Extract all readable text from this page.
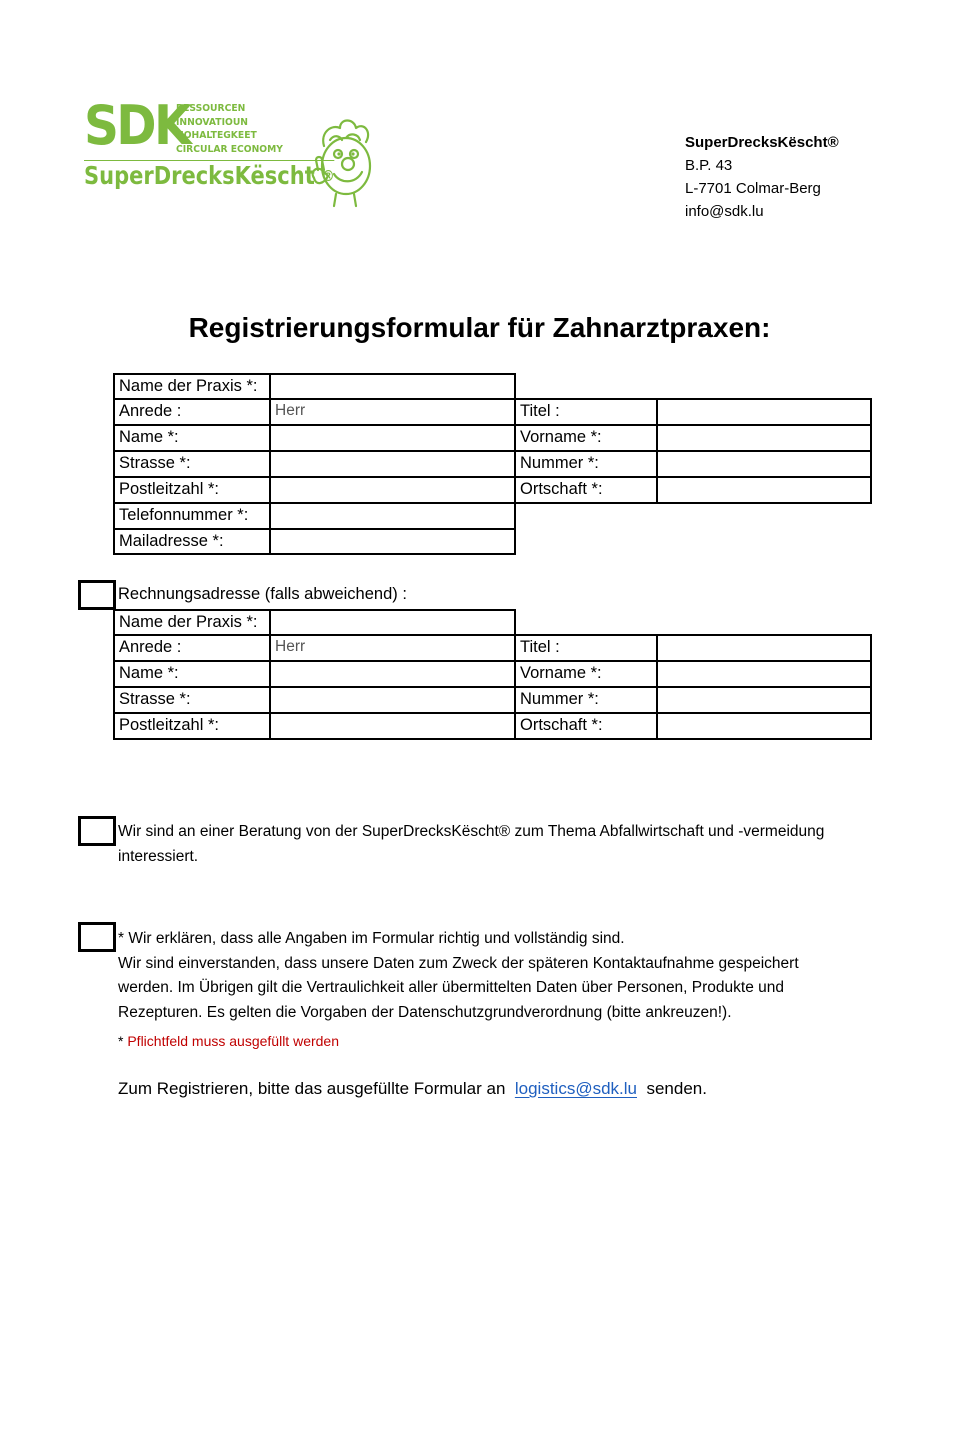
SDK
RESSOURCEN
INNOVATIOUN
NOHALTEGKEET
CIRCULAR ECONOMY
SuperDrecksKëscht ®
SuperDrecksKëscht®
B.P. 43
L-7701 Colmar-Berg
info@sdk.lu
Registrierungsformular für Zahnarztpraxen:
Name der Praxis *:
Anrede :	Herr	Titel :
Name *:	Vorname *:
Strasse *:	Nummer *:
Postleitzahl *:	Ortschaft *:
Telefonnummer *:
Mailadresse *:
Rechnungsadresse (falls abweichend) :
Name der Praxis *:
Anrede :	Herr	Titel :
Name *:	Vorname *:
Strasse *:	Nummer *:
Postleitzahl *:	Ortschaft *:
Wir sind an einer Beratung von der SuperDrecksKëscht® zum Thema Abfallwirtschaft und -vermeidung
interessiert.
* Wir erklären, dass alle Angaben im Formular richtig und vollständig sind.
Wir sind einverstanden, dass unsere Daten zum Zweck der späteren Kontaktaufnahme gespeichert
werden. Im Übrigen gilt die Vertraulichkeit aller übermittelten Daten über Personen, Produkte und
Rezepturen. Es gelten die Vorgaben der Datenschutzgrundverordnung (bitte ankreuzen!).
* Pflichtfeld muss ausgefüllt werden
Zum Registrieren, bitte das ausgefüllte Formular an logistics@sdk.lu senden.
